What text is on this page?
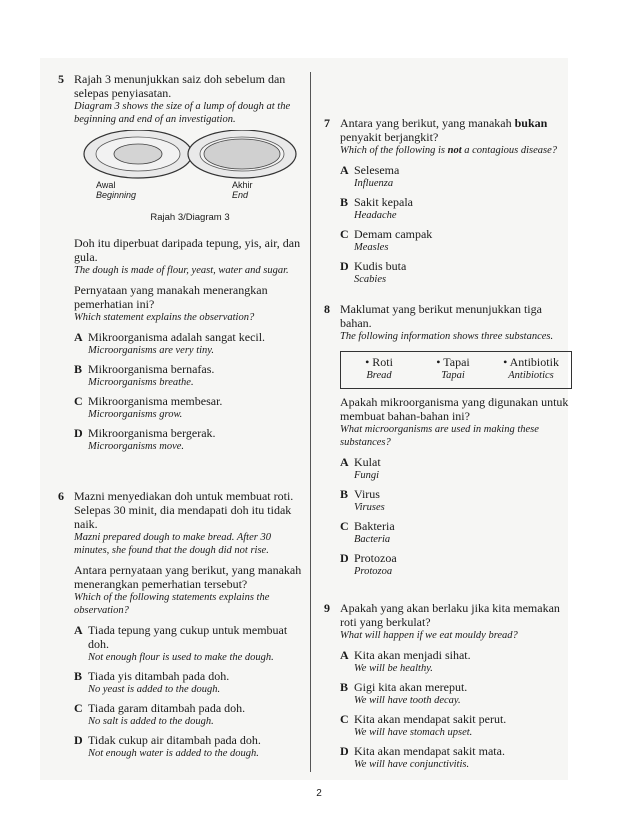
5 Rajah 3 menunjukkan saiz doh sebelum dan selepas penyiasatan.
Diagram 3 shows the size of a lump of dough at the beginning and end of an investigation.
Awal
Beginning
Akhir
End
Rajah 3/Diagram 3
Doh itu diperbuat daripada tepung, yis, air, dan gula.
The dough is made of flour, yeast, water and sugar.
Pernyataan yang manakah menerangkan pemerhatian ini?
Which statement explains the observation?
A Mikroorganisma adalah sangat kecil.
Microorganisms are very tiny.
B Mikroorganisma bernafas.
Microorganisms breathe.
C Mikroorganisma membesar.
Microorganisms grow.
D Mikroorganisma bergerak.
Microorganisms move.
6 Mazni menyediakan doh untuk membuat roti. Selepas 30 minit, dia mendapati doh itu tidak naik.
Mazni prepared dough to make bread. After 30 minutes, she found that the dough did not rise.
Antara pernyataan yang berikut, yang manakah menerangkan pemerhatian tersebut?
Which of the following statements explains the observation?
A Tiada tepung yang cukup untuk membuat doh.
Not enough flour is used to make the dough.
B Tiada yis ditambah pada doh.
No yeast is added to the dough.
C Tiada garam ditambah pada doh.
No salt is added to the dough.
D Tidak cukup air ditambah pada doh.
Not enough water is added to the dough.
7 Antara yang berikut, yang manakah bukan penyakit berjangkit?
Which of the following is not a contagious disease?
A Selesema
Influenza
B Sakit kepala
Headache
C Demam campak
Measles
D Kudis buta
Scabies
8 Maklumat yang berikut menunjukkan tiga bahan.
The following information shows three substances.
• Roti
Bread
• Tapai
Tapai
• Antibiotik
Antibiotics
Apakah mikroorganisma yang digunakan untuk membuat bahan-bahan ini?
What microorganisms are used in making these substances?
A Kulat
Fungi
B Virus
Viruses
C Bakteria
Bacteria
D Protozoa
Protozoa
9 Apakah yang akan berlaku jika kita memakan roti yang berkulat?
What will happen if we eat mouldy bread?
A Kita akan menjadi sihat.
We will be healthy.
B Gigi kita akan mereput.
We will have tooth decay.
C Kita akan mendapat sakit perut.
We will have stomach upset.
D Kita akan mendapat sakit mata.
We will have conjunctivitis.
2
